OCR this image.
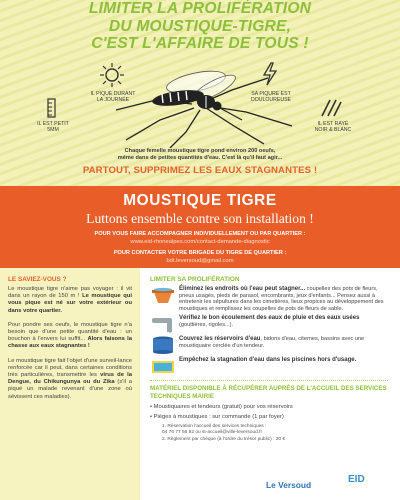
LIMITER LA PROLIFÉRATION
DU MOUSTIQUE-TIGRE,
C'EST L'AFFAIRE DE TOUS !
IL PIQUE DURANT
LA JOURNÉE
SA PIQURE EST
DOULOUREUSE
IL EST PETIT
5MM
IL EST RAYÉ
NOIR & BLANC
Chaque femelle moustique tigre pond environ 200 oeufs,
même dans de petites quantités d'eau. C'est là qu'il faut agir...
PARTOUT, SUPPRIMEZ LES EAUX STAGNANTES !
MOUSTIQUE TIGRE
Luttons ensemble contre son installation !
POUR VOUS FAIRE ACCOMPAGNER INDIVIDUELLEMENT OU PAR QUARTIER :
www.eid-rhonealpes.com/contact-demande-diagnostic
POUR CONTACTER VOTRE BRIGADE DU TIGRE DE QUARTIER :
bdt.leversoud@gmail.com
LE SAVIEZ-VOUS ?

Le moustique tigre n'aime pas voyager : il vit dans un rayon de 150 m ! Le moustique qui vous pique est né sur votre extérieur ou dans votre quartier.

Pour pondre ses oeufs, le moustique tigre n'a besoin que d'une petite quantité d'eau : un bouchon à l'envers lui suffit... Alors faisons la chasse aux eaux stagnantes !

Le moustique tigre fait l'objet d'une surveil-lance renforcée car il peut, dans certaines conditions très particulières, transmettre les virus de la Dengue, du Chikungunya ou du Zika (s'il a piqué un malade revenant d'une zone où sévissent ces maladies).

LIMITER SA PROLIFÉRATION
Éliminez les endroits où l'eau peut stagner... coupelles des pots de fleurs, pneus usagés, pieds de parasol, encombrants, jeux d'enfants... Pensez aussi à entretenir les sépultures dans les cimetières, lieux propices au développement des moustiques et remplissez les coupelles de pots de fleurs de sable.
Vérifiez le bon écoulement des eaux de pluie et des eaux usées (gouttières, rigoles...).
Couvrez les réservoirs d'eau, bidons d'eau, citernes, bassins avec une moustiquaire cerclée d'un tendeur.
Empêchez la stagnation d'eau dans les piscines hors d'usage.
MATÉRIEL DISPONIBLE À RÉCUPÉRER AUPRÈS DE L'ACCUEIL DES SERVICES TECHNIQUES MAIRIE
• Moustiquaires et tendeurs (gratuit) pour vos réservoirs
• Pièges à moustiques : sur commande (1 par foyer)
1. Réservation l'accueil des services techniques :
04 76 77 56 92 ou st-accueil@ville-leversoud.fr
2. Règlement par chèque (à l'ordre du trésor public) : 20 €
Le Versoud	EID
